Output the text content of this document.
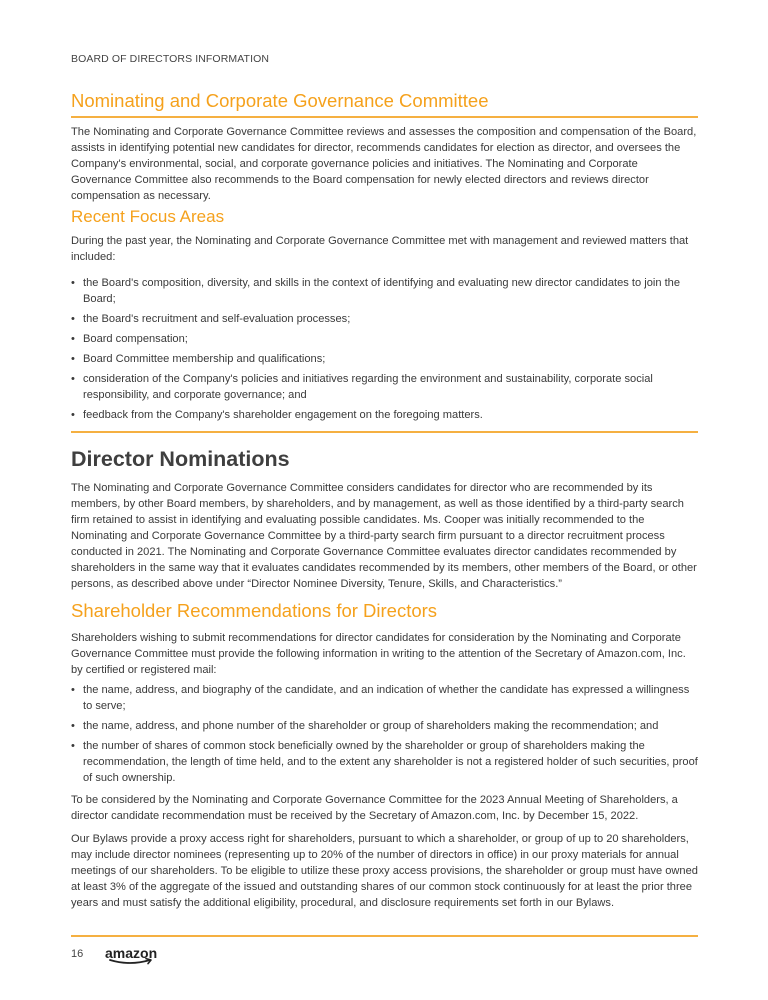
BOARD OF DIRECTORS INFORMATION
Nominating and Corporate Governance Committee

The Nominating and Corporate Governance Committee reviews and assesses the composition and compensation of the Board, assists in identifying potential new candidates for director, recommends candidates for election as director, and oversees the Company's environmental, social, and corporate governance policies and initiatives. The Nominating and Corporate Governance Committee also recommends to the Board compensation for newly elected directors and reviews director compensation as necessary.

Recent Focus Areas

During the past year, the Nominating and Corporate Governance Committee met with management and reviewed matters that included:

• the Board's composition, diversity, and skills in the context of identifying and evaluating new director candidates to join the Board;
• the Board's recruitment and self-evaluation processes;
• Board compensation;
• Board Committee membership and qualifications;
• consideration of the Company's policies and initiatives regarding the environment and sustainability, corporate social responsibility, and corporate governance; and
• feedback from the Company's shareholder engagement on the foregoing matters.
Director Nominations

The Nominating and Corporate Governance Committee considers candidates for director who are recommended by its members, by other Board members, by shareholders, and by management, as well as those identified by a third-party search firm retained to assist in identifying and evaluating possible candidates. Ms. Cooper was initially recommended to the Nominating and Corporate Governance Committee by a third-party search firm pursuant to a director recruitment process conducted in 2021. The Nominating and Corporate Governance Committee evaluates director candidates recommended by shareholders in the same way that it evaluates candidates recommended by its members, other members of the Board, or other persons, as described above under “Director Nominee Diversity, Tenure, Skills, and Characteristics.”

Shareholder Recommendations for Directors

Shareholders wishing to submit recommendations for director candidates for consideration by the Nominating and Corporate Governance Committee must provide the following information in writing to the attention of the Secretary of Amazon.com, Inc. by certified or registered mail:

• the name, address, and biography of the candidate, and an indication of whether the candidate has expressed a willingness to serve;
• the name, address, and phone number of the shareholder or group of shareholders making the recommendation; and
• the number of shares of common stock beneficially owned by the shareholder or group of shareholders making the recommendation, the length of time held, and to the extent any shareholder is not a registered holder of such securities, proof of such ownership.

To be considered by the Nominating and Corporate Governance Committee for the 2023 Annual Meeting of Shareholders, a director candidate recommendation must be received by the Secretary of Amazon.com, Inc. by December 15, 2022.

Our Bylaws provide a proxy access right for shareholders, pursuant to which a shareholder, or group of up to 20 shareholders, may include director nominees (representing up to 20% of the number of directors in office) in our proxy materials for annual meetings of our shareholders. To be eligible to utilize these proxy access provisions, the shareholder or group must have owned at least 3% of the aggregate of the issued and outstanding shares of our common stock continuously for at least the prior three years and must satisfy the additional eligibility, procedural, and disclosure requirements set forth in our Bylaws.

16 amazon
